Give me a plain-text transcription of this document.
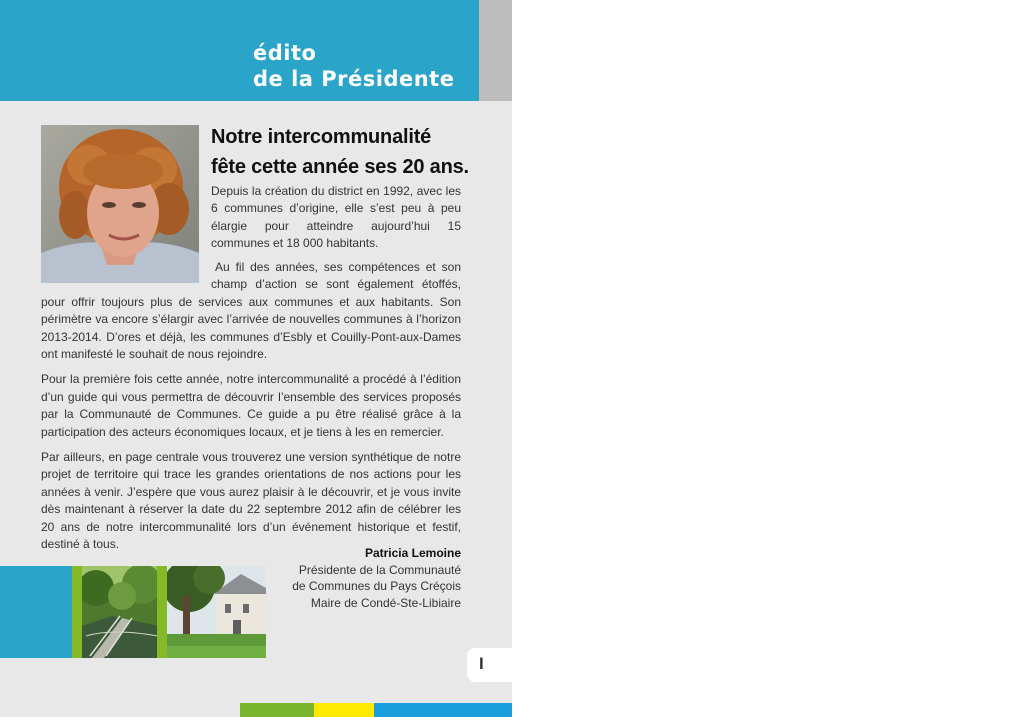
édito
de la Présidente
Notre intercommunalité
fête cette année ses 20 ans.

Depuis la création du district en 1992, avec les 6 communes d’origine, elle s’est peu à peu élargie pour atteindre aujourd’hui 15 communes et 18 000 habitants.

Au fil des années, ses compétences et son champ d’action se sont également étoffés, pour offrir toujours plus de services aux communes et aux habitants. Son périmètre va encore s’élargir avec l’arrivée de nouvelles communes à l’horizon 2013-2014. D’ores et déjà, les communes d’Esbly et Couilly-Pont-aux-Dames ont manifesté le souhait de nous rejoindre.

Pour la première fois cette année, notre intercommunalité a procédé à l’édition d’un guide qui vous permettra de découvrir l’ensemble des services proposés par la Communauté de Communes. Ce guide a pu être réalisé grâce à la participation des acteurs économiques locaux, et je tiens à les en remercier.

Par ailleurs, en page centrale vous trouverez une version synthétique de notre projet de territoire qui trace les grandes orientations de nos actions pour les années à venir. J’espère que vous aurez plaisir à le découvrir, et je vous invite dès maintenant à réserver la date du 22 septembre 2012 afin de célébrer les 20 ans de notre intercommunalité lors d’un événement historique et festif, destiné à tous.

Patricia Lemoine
Présidente de la Communauté
de Communes du Pays Créçois
Maire de Condé-Ste-Libiaire
I
